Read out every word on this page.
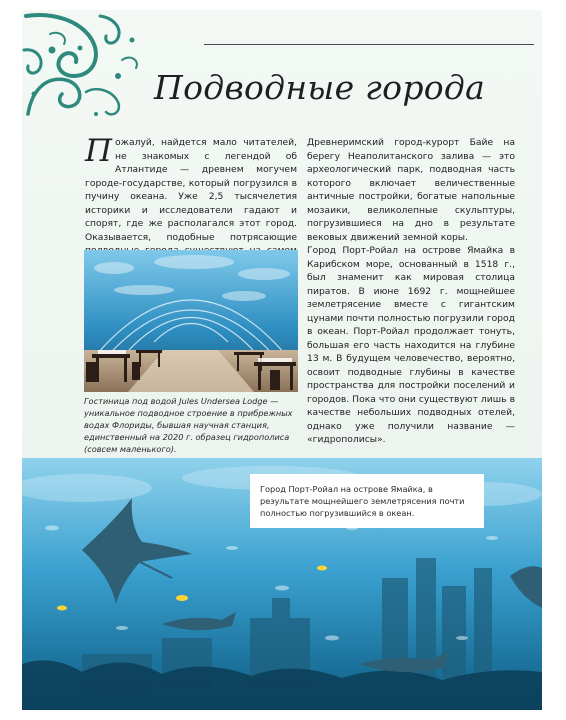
Подводные города
П ожалуй, найдется мало читателей, не знакомых с легендой об Атлантиде — древнем могучем городе-государстве, который погрузился в пучину океана. Уже 2,5 тысячелетия историки и исследователи гадают и спорят, где же располагался этот город. Оказывается, подобные потрясающие

Древнеримский город-курорт Байе на берегу Неаполитанского залива — это археологический парк, подводная часть которого включает величественные античные постройки, богатые напольные мозаики, великолепные скульптуры, погрузившиеся на дно в результате вековых движений земной коры.

Город Порт-Ройал на острове Ямайка в Карибском море, основанный в 1518 г., был знаменит как мировая столица пиратов. В июне 1692 г. мощнейшее землетрясение вместе с гигантским цунами почти полностью погрузили город в океан. Порт-Ройал продолжает тонуть, большая его часть находится на глубине 13 м. В будущем человечество, вероятно, освоит подводные глубины в качестве пространства для постройки поселений и городов. Пока что они существуют лишь в качестве небольших подводных отелей, однако уже получили название — «гидрополисы».

Гостиница под водой Jules Undersea Lodge — уникальное подводное строение в прибрежных водах Флориды, бывшая научная станция, единственный на 2020 г. образец гидрополиса (совсем маленького).

Город Порт-Ройал на острове Ямайка, в результате мощнейшего землетрясения почти полностью погрузившийся в океан.
